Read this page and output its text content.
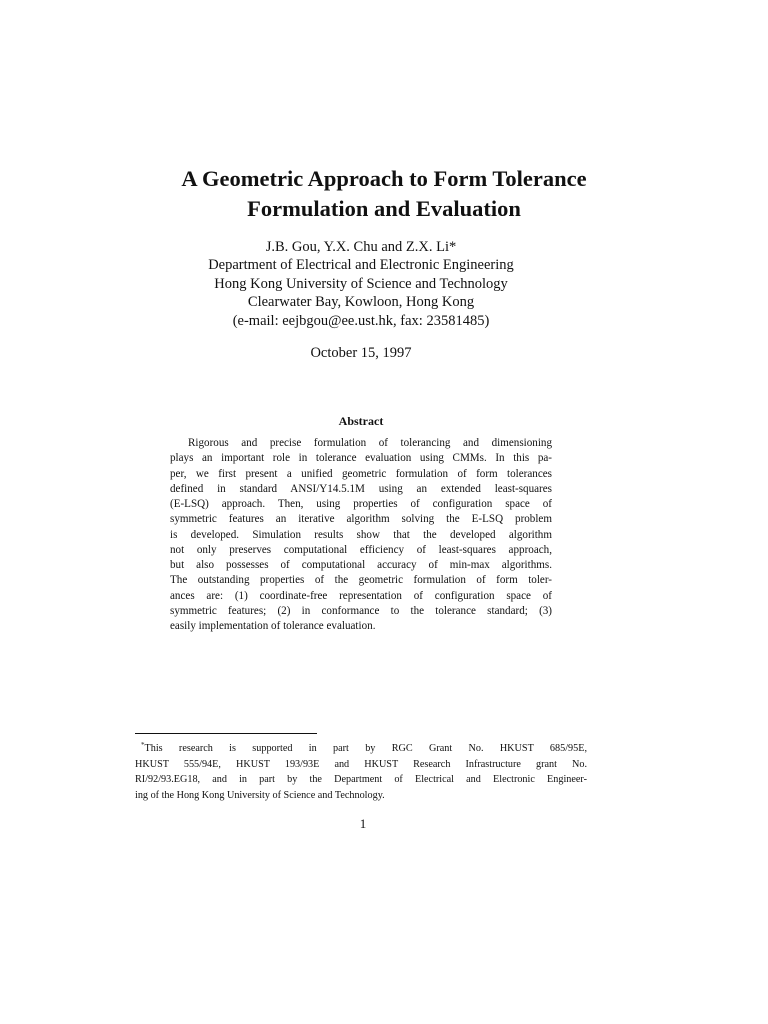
A Geometric Approach to Form Tolerance
Formulation and Evaluation
J.B. Gou, Y.X. Chu and Z.X. Li*
Department of Electrical and Electronic Engineering
Hong Kong University of Science and Technology
Clearwater Bay, Kowloon, Hong Kong
(e-mail: eejbgou@ee.ust.hk, fax: 23581485)
October 15, 1997
Abstract
Rigorous and precise formulation of tolerancing and dimensioning
plays an important role in tolerance evaluation using CMMs. In this pa-
per, we first present a unified geometric formulation of form tolerances
defined in standard ANSI/Y14.5.1M using an extended least-squares
(E-LSQ) approach. Then, using properties of configuration space of
symmetric features an iterative algorithm solving the E-LSQ problem
is developed. Simulation results show that the developed algorithm
not only preserves computational efficiency of least-squares approach,
but also possesses of computational accuracy of min-max algorithms.
The outstanding properties of the geometric formulation of form toler-
ances are: (1) coordinate-free representation of configuration space of
symmetric features; (2) in conformance to the tolerance standard; (3)
easily implementation of tolerance evaluation.
*This research is supported in part by RGC Grant No. HKUST 685/95E,
HKUST 555/94E, HKUST 193/93E and HKUST Research Infrastructure grant No.
RI/92/93.EG18, and in part by the Department of Electrical and Electronic Engineer-
ing of the Hong Kong University of Science and Technology.
1
